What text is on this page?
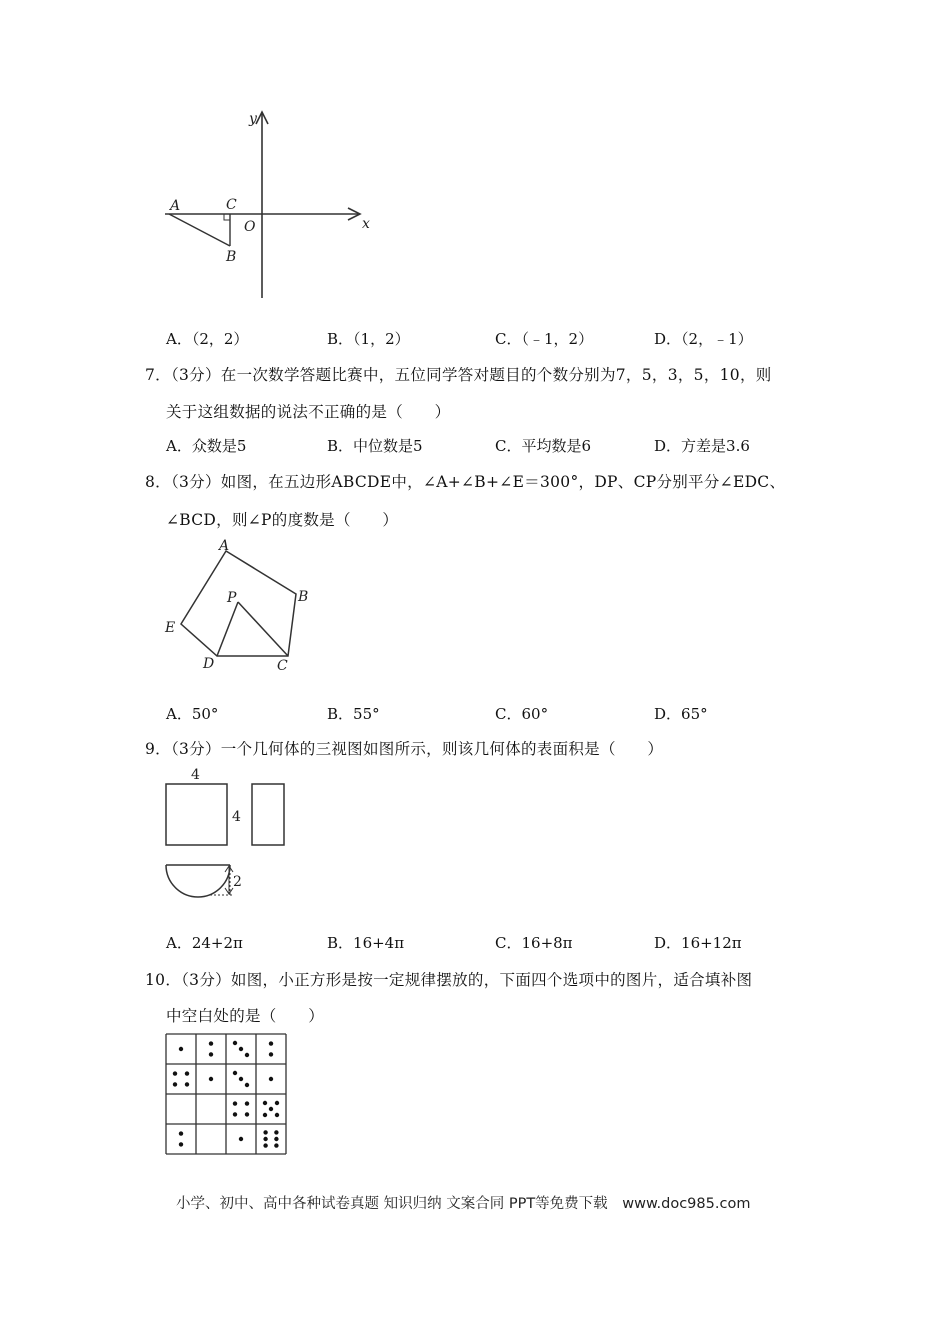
y
x
A	C
O
B
A．（2，2）	B．（1，2）	C．（﹣1，2）	D．（2，﹣1）
7．（3分）在一次数学答题比赛中，五位同学答对题目的个数分别为7，5，3，5，10，则
关于这组数据的说法不正确的是（　　）
A．众数是5	B．中位数是5	C．平均数是6	D．方差是3.6
8．（3分）如图，在五边形ABCDE中，∠A+∠B+∠E＝300°，DP、CP分别平分∠EDC、
∠BCD，则∠P的度数是（　　）
A
B
P
E
D	C
A．50°	B．55°	C．60°	D．65°
9．（3分）一个几何体的三视图如图所示，则该几何体的表面积是（　　）
4
4
2
A．24+2π	B．16+4π	C．16+8π	D．16+12π
10．（3分）如图，小正方形是按一定规律摆放的，下面四个选项中的图片，适合填补图
中空白处的是（　　）
小学、初中、高中各种试卷真题 知识归纳 文案合同 PPT等免费下载 www.doc985.com
